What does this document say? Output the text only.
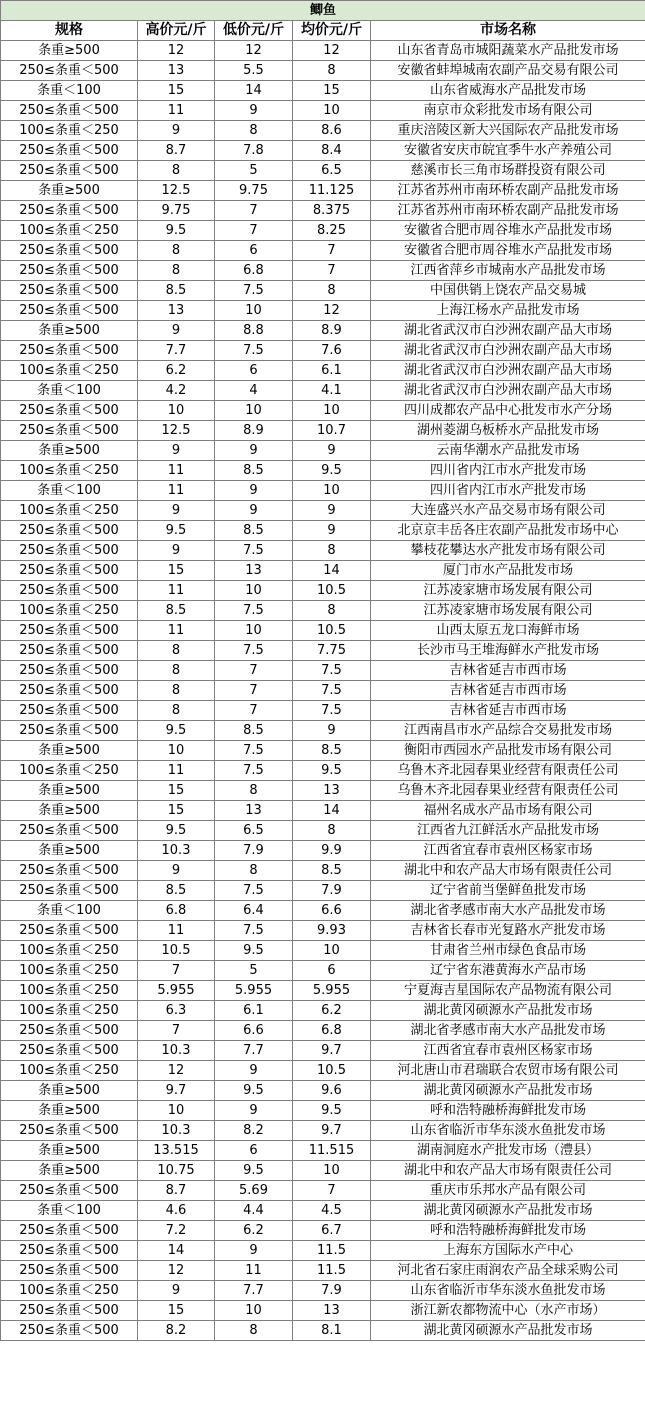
鲫鱼				
规格	高价元/斤	低价元/斤	均价元/斤	市场名称
条重≥500	12	12	12	山东省青岛市城阳蔬菜水产品批发市场
250≤条重＜500	13	5.5	8	安徽省蚌埠城南农副产品交易有限公司
条重＜100	15	14	15	山东省威海水产品批发市场
250≤条重＜500	11	9	10	南京市众彩批发市场有限公司
100≤条重＜250	9	8	8.6	重庆涪陵区新大兴国际农产品批发市场
250≤条重＜500	8.7	7.8	8.4	安徽省安庆市皖宜季牛水产养殖公司
250≤条重＜500	8	5	6.5	慈溪市长三角市场群投资有限公司
条重≥500	12.5	9.75	11.125	江苏省苏州市南环桥农副产品批发市场
250≤条重＜500	9.75	7	8.375	江苏省苏州市南环桥农副产品批发市场
100≤条重＜250	9.5	7	8.25	安徽省合肥市周谷堆水产品批发市场
250≤条重＜500	8	6	7	安徽省合肥市周谷堆水产品批发市场
250≤条重＜500	8	6.8	7	江西省萍乡市城南水产品批发市场
250≤条重＜500	8.5	7.5	8	中国供销上饶农产品交易城
250≤条重＜500	13	10	12	上海江杨水产品批发市场
条重≥500	9	8.8	8.9	湖北省武汉市白沙洲农副产品大市场
250≤条重＜500	7.7	7.5	7.6	湖北省武汉市白沙洲农副产品大市场
100≤条重＜250	6.2	6	6.1	湖北省武汉市白沙洲农副产品大市场
条重＜100	4.2	4	4.1	湖北省武汉市白沙洲农副产品大市场
250≤条重＜500	10	10	10	四川成都农产品中心批发市水产分场
250≤条重＜500	12.5	8.9	10.7	湖州菱湖乌板桥水产品批发市场
条重≥500	9	9	9	云南华潮水产品批发市场
100≤条重＜250	11	8.5	9.5	四川省内江市水产批发市场
条重＜100	11	9	10	四川省内江市水产批发市场
100≤条重＜250	9	9	9	大连盛兴水产品交易市场有限公司
250≤条重＜500	9.5	8.5	9	北京京丰岳各庄农副产品批发市场中心
250≤条重＜500	9	7.5	8	攀枝花攀达水产批发市场有限公司
250≤条重＜500	15	13	14	厦门市水产品批发市场
250≤条重＜500	11	10	10.5	江苏凌家塘市场发展有限公司
100≤条重＜250	8.5	7.5	8	江苏凌家塘市场发展有限公司
250≤条重＜500	11	10	10.5	山西太原五龙口海鲜市场
250≤条重＜500	8	7.5	7.75	长沙市马王堆海鲜水产批发市场
250≤条重＜500	8	7	7.5	吉林省延吉市西市场
250≤条重＜500	8	7	7.5	吉林省延吉市西市场
250≤条重＜500	8	7	7.5	吉林省延吉市西市场
250≤条重＜500	9.5	8.5	9	江西南昌市水产品综合交易批发市场
条重≥500	10	7.5	8.5	衡阳市西园水产品批发市场有限公司
100≤条重＜250	11	7.5	9.5	乌鲁木齐北园春果业经营有限责任公司
条重≥500	15	8	13	乌鲁木齐北园春果业经营有限责任公司
条重≥500	15	13	14	福州名成水产品市场有限公司
250≤条重＜500	9.5	6.5	8	江西省九江鲜活水产品批发市场
条重≥500	10.3	7.9	9.9	江西省宜春市袁州区杨家市场
250≤条重＜500	9	8	8.5	湖北中和农产品大市场有限责任公司
250≤条重＜500	8.5	7.5	7.9	辽宁省前当堡鲜鱼批发市场
条重＜100	6.8	6.4	6.6	湖北省孝感市南大水产品批发市场
250≤条重＜500	11	7.5	9.93	吉林省长春市光复路水产批发市场
100≤条重＜250	10.5	9.5	10	甘肃省兰州市绿色食品市场
100≤条重＜250	7	5	6	辽宁省东港黄海水产品市场
100≤条重＜250	5.955	5.955	5.955	宁夏海吉星国际农产品物流有限公司
100≤条重＜250	6.3	6.1	6.2	湖北黄冈硕源水产品批发市场
250≤条重＜500	7	6.6	6.8	湖北省孝感市南大水产品批发市场
250≤条重＜500	10.3	7.7	9.7	江西省宜春市袁州区杨家市场
100≤条重＜250	12	9	10.5	河北唐山市君瑞联合农贸市场有限公司
条重≥500	9.7	9.5	9.6	湖北黄冈硕源水产品批发市场
条重≥500	10	9	9.5	呼和浩特融桥海鲜批发市场
250≤条重＜500	10.3	8.2	9.7	山东省临沂市华东淡水鱼批发市场
条重≥500	13.515	6	11.515	湖南洞庭水产批发市场（澧县）
条重≥500	10.75	9.5	10	湖北中和农产品大市场有限责任公司
250≤条重＜500	8.7	5.69	7	重庆市乐邦水产品有限公司
条重＜100	4.6	4.4	4.5	湖北黄冈硕源水产品批发市场
250≤条重＜500	7.2	6.2	6.7	呼和浩特融桥海鲜批发市场
250≤条重＜500	14	9	11.5	上海东方国际水产中心
250≤条重＜500	12	11	11.5	河北省石家庄雨润农产品全球采购公司
100≤条重＜250	9	7.7	7.9	山东省临沂市华东淡水鱼批发市场
250≤条重＜500	15	10	13	浙江新农都物流中心（水产市场）
250≤条重＜500	8.2	8	8.1	湖北黄冈硕源水产品批发市场
